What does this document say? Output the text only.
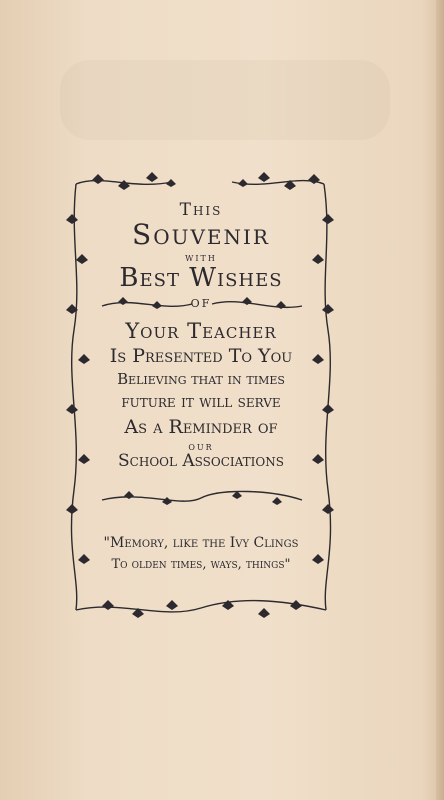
This
Souvenir
with
Best Wishes
of
Your Teacher
Is Presented To You
Believing that in times
future it will serve
As a Reminder of
our
School Associations
"Memory, like the Ivy Clings
To olden times, ways, things"
